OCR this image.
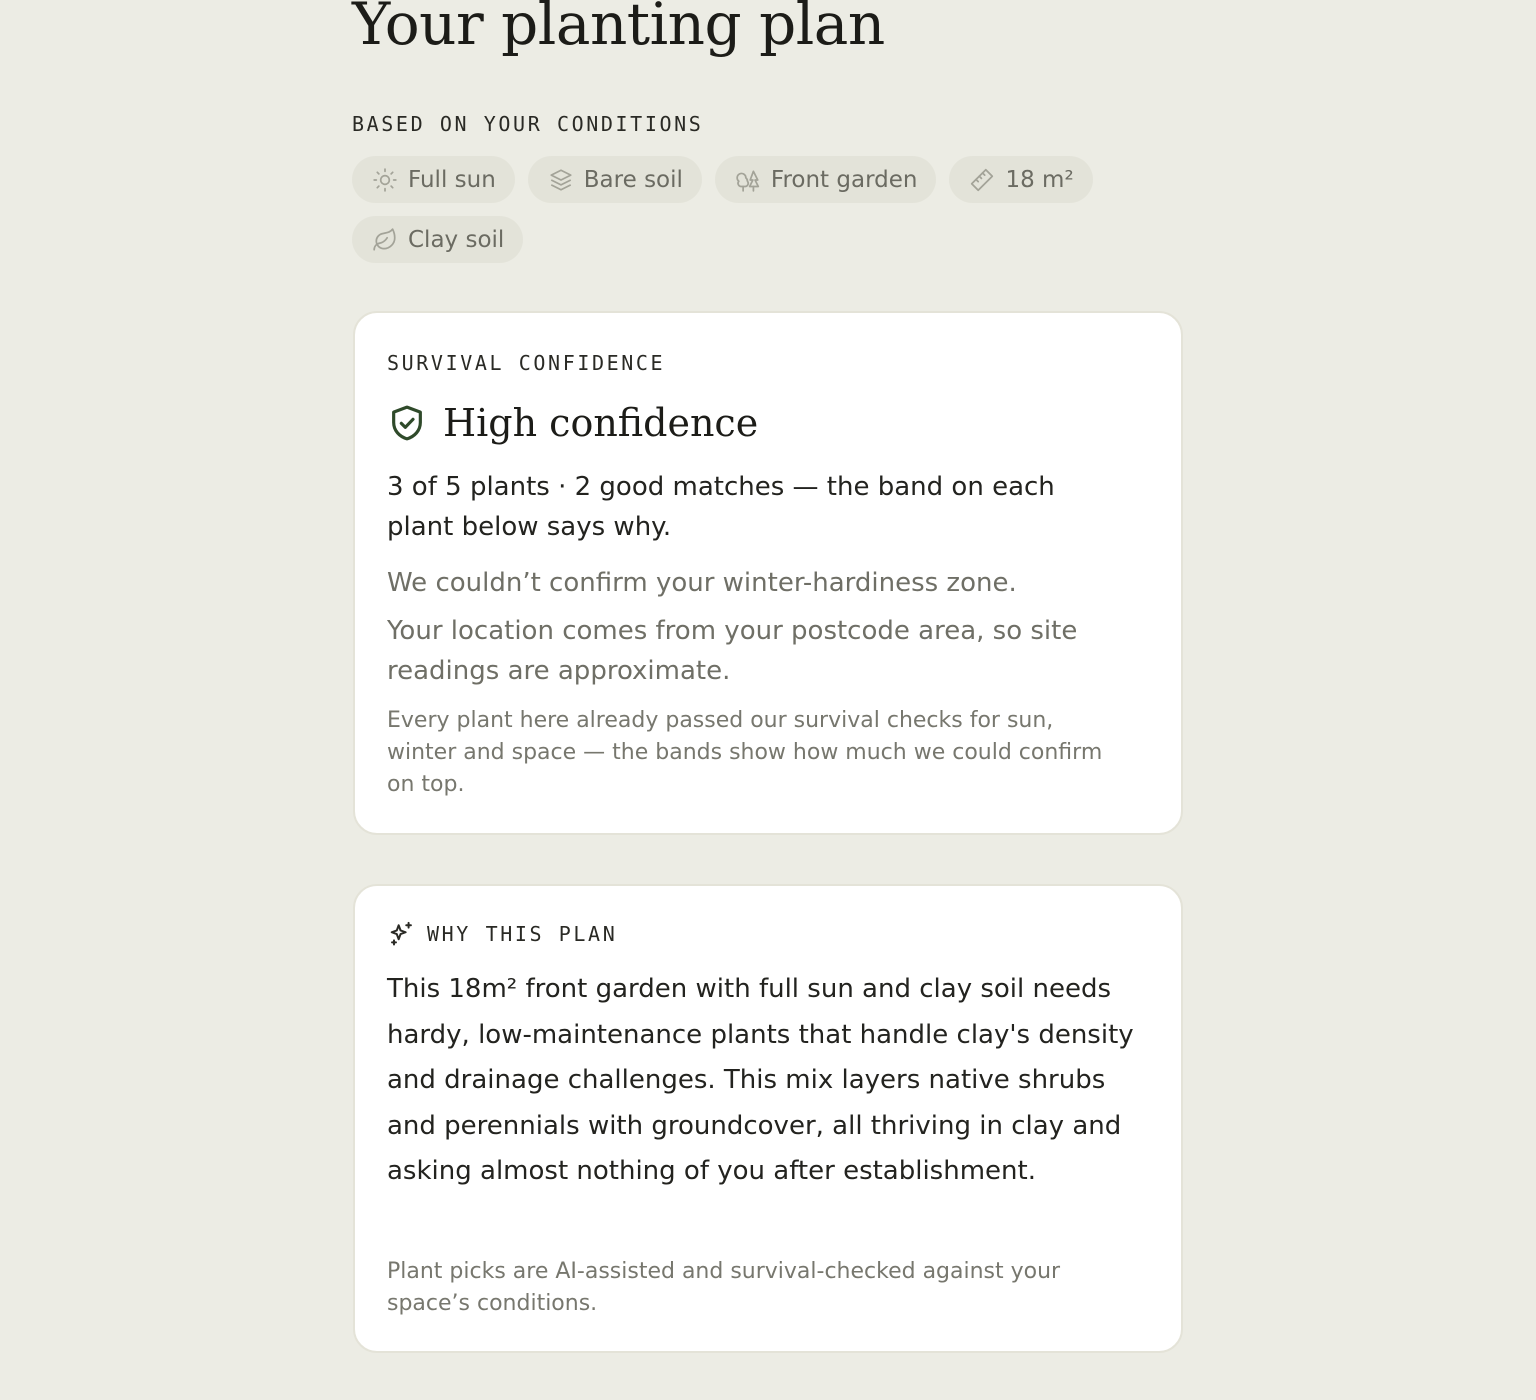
Your planting plan
BASED ON YOUR CONDITIONS
Full sun	Bare soil	Front garden	18 m²
Clay soil
SURVIVAL CONFIDENCE
High confidence

3 of 5 plants · 2 good matches — the band on each plant below says why.

We couldn’t confirm your winter-hardiness zone.

Your location comes from your postcode area, so site readings are approximate.

Every plant here already passed our survival checks for sun, winter and space — the bands show how much we could confirm on top.

WHY THIS PLAN

This 18m² front garden with full sun and clay soil needs hardy, low-maintenance plants that handle clay's density and drainage challenges. This mix layers native shrubs and perennials with groundcover, all thriving in clay and asking almost nothing of you after establishment.

Plant picks are AI-assisted and survival-checked against your space’s conditions.
